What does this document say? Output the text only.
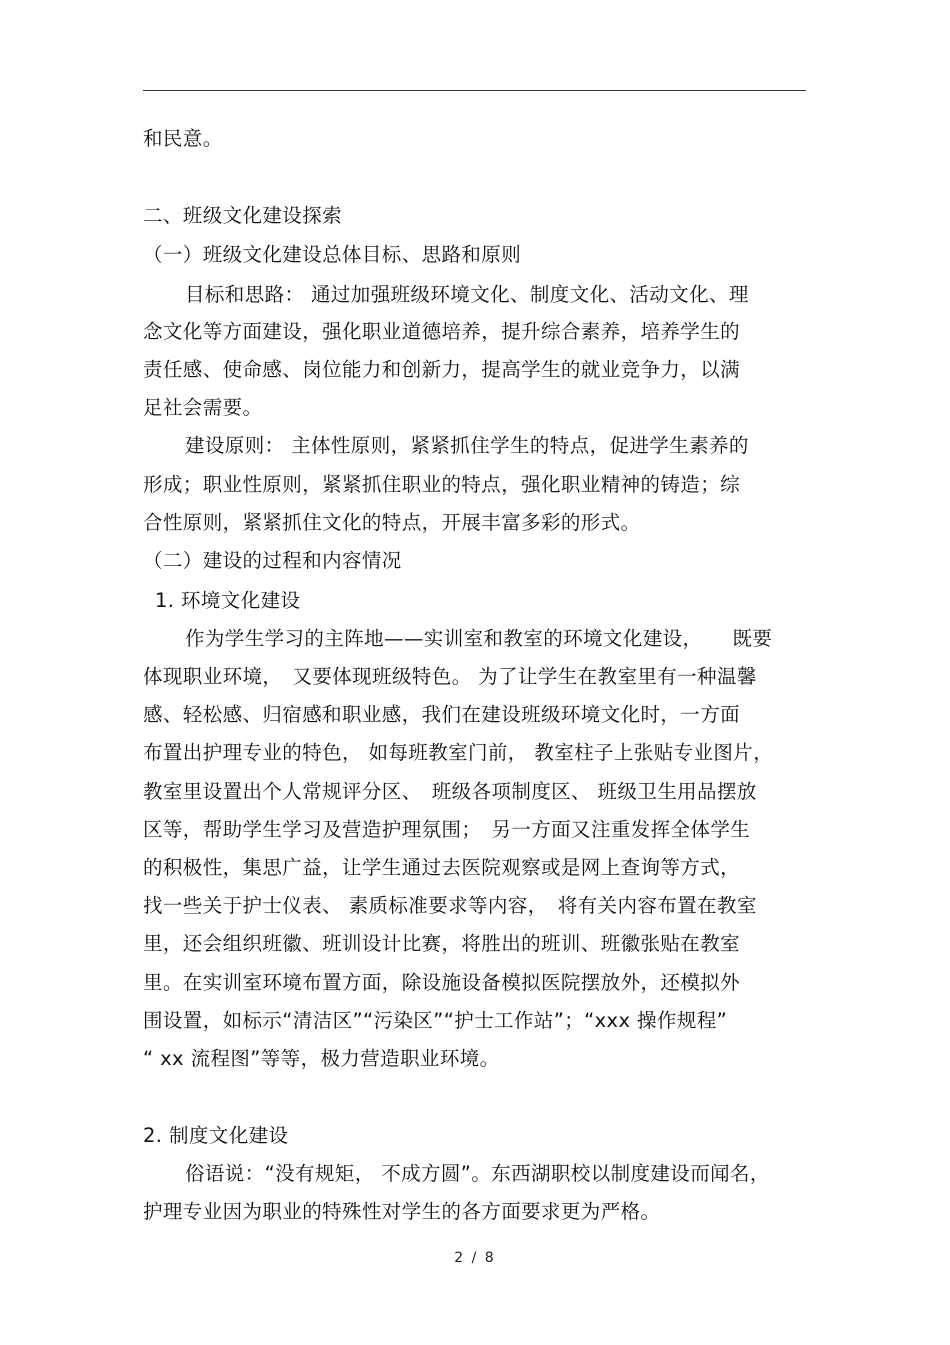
和民意。
二、班级文化建设探索
（一）班级文化建设总体目标、思路和原则
目标和思路： 通过加强班级环境文化、制度文化、活动文化、理
念文化等方面建设，强化职业道德培养，提升综合素养，培养学生的
责任感、使命感、岗位能力和创新力，提高学生的就业竞争力，以满
足社会需要。
建设原则： 主体性原则，紧紧抓住学生的特点，促进学生素养的
形成；职业性原则，紧紧抓住职业的特点，强化职业精神的铸造；综
合性原则，紧紧抓住文化的特点，开展丰富多彩的形式。
（二）建设的过程和内容情况
1. 环境文化建设
作为学生学习的主阵地——实训室和教室的环境文化建设，　　既要
体现职业环境，　又要体现班级特色。 为了让学生在教室里有一种温馨
感、轻松感、归宿感和职业感，我们在建设班级环境文化时，一方面
布置出护理专业的特色， 如每班教室门前， 教室柱子上张贴专业图片，
教室里设置出个人常规评分区、　班级各项制度区、 班级卫生用品摆放
区等，帮助学生学习及营造护理氛围；　另一方面又注重发挥全体学生
的积极性，集思广益，让学生通过去医院观察或是网上查询等方式，
找一些关于护士仪表、 素质标准要求等内容，　将有关内容布置在教室
里，还会组织班徽、班训设计比赛，将胜出的班训、班徽张贴在教室
里。在实训室环境布置方面，除设施设备模拟医院摆放外，还模拟外
围设置，如标示“清洁区”“污染区”“护士工作站”；“xxx 操作规程”
“ xx 流程图”等等，极力营造职业环境。
2. 制度文化建设
俗语说：“没有规矩， 不成方圆”。东西湖职校以制度建设而闻名，
护理专业因为职业的特殊性对学生的各方面要求更为严格。
2 / 8
